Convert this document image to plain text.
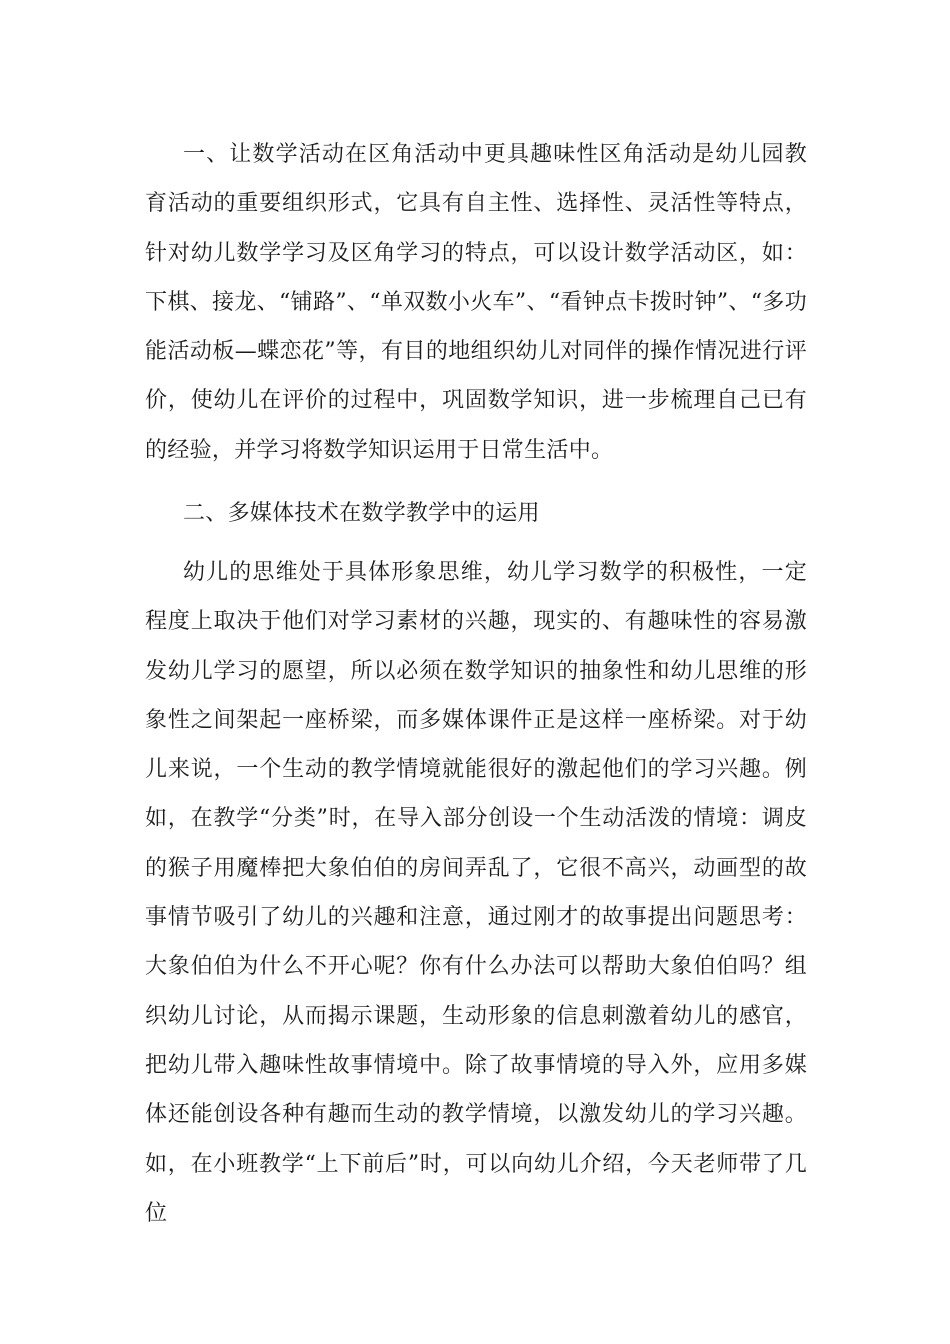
一、让数学活动在区角活动中更具趣味性区角活动是幼儿园教育活动的重要组织形式，它具有自主性、选择性、灵活性等特点，针对幼儿数学学习及区角学习的特点，可以设计数学活动区，如：下棋、接龙、“铺路”、“单双数小火车”、“看钟点卡拨时钟”、“多功能活动板—蝶恋花”等，有目的地组织幼儿对同伴的操作情况进行评价，使幼儿在评价的过程中，巩固数学知识，进一步梳理自己已有的经验，并学习将数学知识运用于日常生活中。

二、多媒体技术在数学教学中的运用

幼儿的思维处于具体形象思维，幼儿学习数学的积极性，一定程度上取决于他们对学习素材的兴趣，现实的、有趣味性的容易激发幼儿学习的愿望，所以必须在数学知识的抽象性和幼儿思维的形象性之间架起一座桥梁，而多媒体课件正是这样一座桥梁。对于幼儿来说，一个生动的教学情境就能很好的激起他们的学习兴趣。例如，在教学“分类”时，在导入部分创设一个生动活泼的情境：调皮的猴子用魔棒把大象伯伯的房间弄乱了，它很不高兴，动画型的故事情节吸引了幼儿的兴趣和注意，通过刚才的故事提出问题思考：大象伯伯为什么不开心呢？你有什么办法可以帮助大象伯伯吗？组织幼儿讨论，从而揭示课题，生动形象的信息刺激着幼儿的感官，把幼儿带入趣味性故事情境中。除了故事情境的导入外，应用多媒体还能创设各种有趣而生动的教学情境，以激发幼儿的学习兴趣。如，在小班教学“上下前后”时，可以向幼儿介绍，今天老师带了几位
